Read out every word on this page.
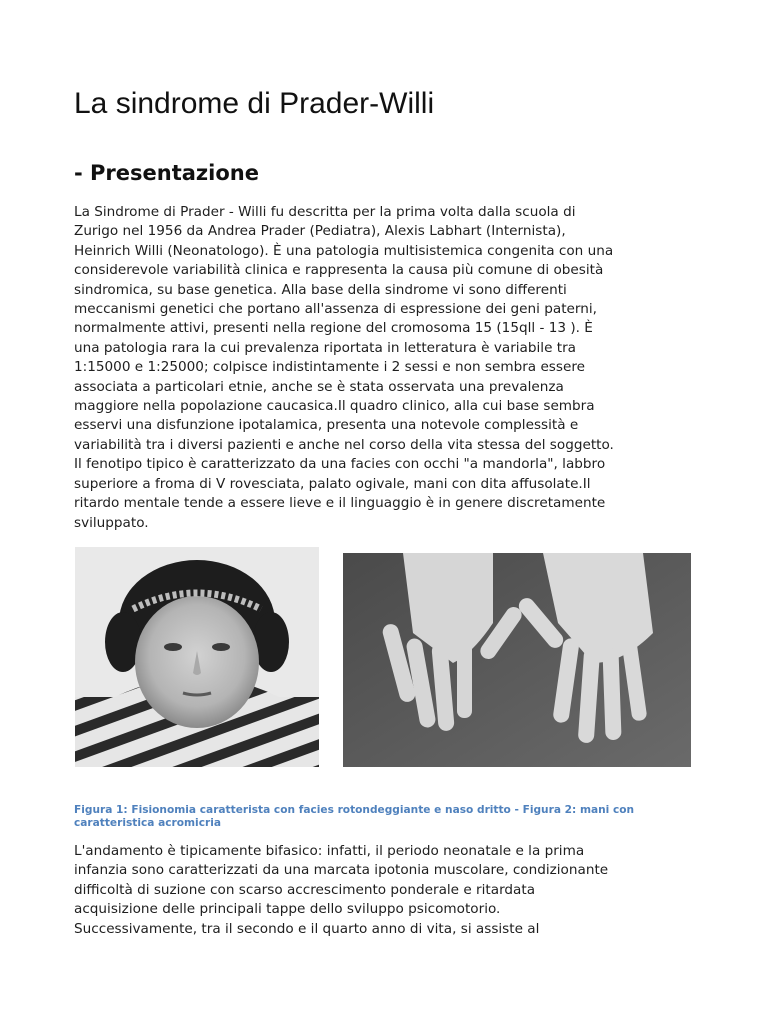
La sindrome di Prader-Willi
- Presentazione
La Sindrome di Prader - Willi fu descritta per la prima volta dalla scuola di
Zurigo nel 1956 da Andrea Prader (Pediatra), Alexis Labhart (Internista),
Heinrich Willi (Neonatologo). È una patologia multisistemica congenita con una
considerevole variabilità clinica e rappresenta la causa più comune di obesità
sindromica, su base genetica. Alla base della sindrome vi sono differenti
meccanismi genetici che portano all'assenza di espressione dei geni paterni,
normalmente attivi, presenti nella regione del cromosoma 15 (15qll - 13 ). È
una patologia rara la cui prevalenza riportata in letteratura è variabile tra
1:15000 e 1:25000; colpisce indistintamente i 2 sessi e non sembra essere
associata a particolari etnie, anche se è stata osservata una prevalenza
maggiore nella popolazione caucasica.Il quadro clinico, alla cui base sembra
esservi una disfunzione ipotalamica, presenta una notevole complessità e
variabilità tra i diversi pazienti e anche nel corso della vita stessa del soggetto.
Il fenotipo tipico è caratterizzato da una facies con occhi "a mandorla", labbro
superiore a froma di V rovesciata, palato ogivale, mani con dita affusolate.Il
ritardo mentale tende a essere lieve e il linguaggio è in genere discretamente
sviluppato.
Figura 1: Fisionomia caratterista con facies rotondeggiante e naso dritto - Figura 2: mani con
caratteristica acromicria
L'andamento è tipicamente bifasico: infatti, il periodo neonatale e la prima
infanzia sono caratterizzati da una marcata ipotonia muscolare, condizionante
difficoltà di suzione con scarso accrescimento ponderale e ritardata
acquisizione delle principali tappe dello sviluppo psicomotorio.
Successivamente, tra il secondo e il quarto anno di vita, si assiste al
